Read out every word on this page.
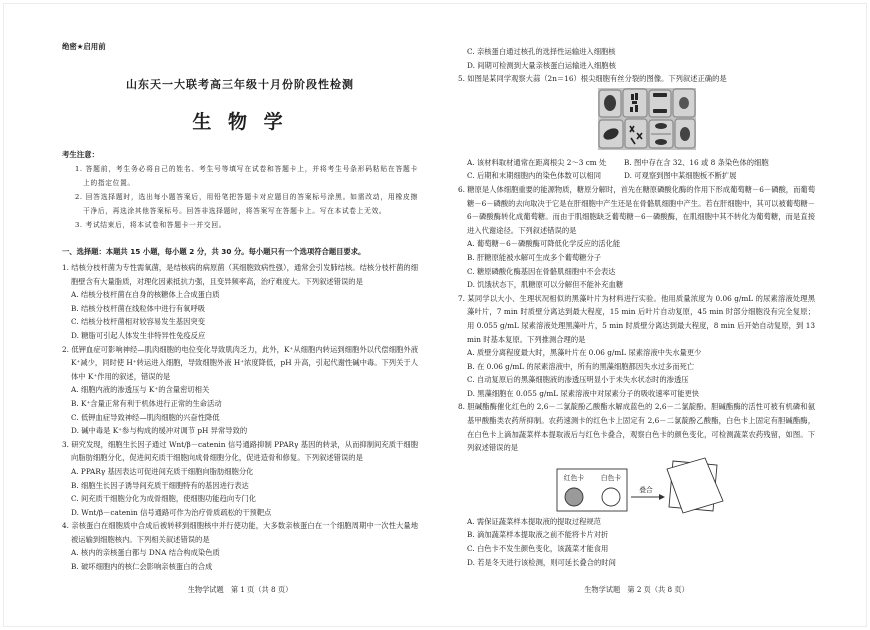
绝密★启用前
山东天一大联考高三年级十月份阶段性检测
生 物 学
考生注意：
1. 答题前，考生务必将自己的姓名、考生号等填写在试卷和答题卡上，并将考生号条形码粘贴在答题卡上的指定位置。
2. 回答选择题时，选出每小题答案后，用铅笔把答题卡对应题目的答案标号涂黑。如需改动，用橡皮擦干净后，再选涂其他答案标号。回答非选择题时，将答案写在答题卡上。写在本试卷上无效。
3. 考试结束后，将本试卷和答题卡一并交回。
一、选择题：本题共 15 小题，每小题 2 分，共 30 分。每小题只有一个选项符合题目要求。
1. 结核分枝杆菌为专性需氧菌，是结核病的病原菌（其细胞致病性强），通常会引发肺结核。结核分枝杆菌的细胞壁含有大量脂质，对理化因素抵抗力强，且变异频率高，治疗难度大。下列叙述错误的是
A. 结核分枝杆菌在自身的核糖体上合成蛋白质
B. 结核分枝杆菌在线粒体中进行有氧呼吸
C. 结核分枝杆菌相对较容易发生基因突变
D. 糖脂可引起人体发生非特异性免疫反应
2. 低钾血症可影响神经—肌肉细胞的电位变化导致肌肉乏力，此外，K⁺从细胞内转运到细胞外以代偿细胞外液 K⁺减少，同时使 H⁺转运进入细胞，导致细胞外液 H⁺浓度降低，pH 升高，引起代谢性碱中毒。下列关于人体中 K⁺作用的叙述，错误的是
A. 细胞内液的渗透压与 K⁺的含量密切相关
B. K⁺含量正常有利于机体进行正常的生命活动
C. 低钾血症导致神经—肌肉细胞的兴奋性降低
D. 碱中毒是 K⁺参与构成的缓冲对调节 pH 异常导致的
3. 研究发现，细胞生长因子通过 Wnt/β－catenin 信号通路抑制 PPARγ 基因的转录，从而抑制间充质干细胞向脂肪细胞分化，促进间充质干细胞向成骨细胞分化，促进造骨和修复。下列叙述错误的是
A. PPARγ 基因表达可促进间充质干细胞向脂肪细胞分化
B. 细胞生长因子诱导间充质干细胞特有的基因进行表达
C. 间充质干细胞分化为成骨细胞，使细胞功能趋向专门化
D. Wnt/β－catenin 信号通路可作为治疗骨质疏松的干预靶点
4. 亲核蛋白在细胞质中合成后被转移到细胞核中并行使功能，大多数亲核蛋白在一个细胞周期中一次性大量地被运输到细胞核内。下列相关叙述错误的是
A. 核内的亲核蛋白都与 DNA 结合构成染色质
B. 破坏细胞内的核仁会影响亲核蛋白的合成
生物学试题　第 1 页（共 8 页）
C. 亲核蛋白通过核孔的选择性运输进入细胞核
D. 间期可检测到大量亲核蛋白运输进入细胞核
5. 如图是某同学观察大蒜（2n＝16）根尖细胞有丝分裂的图像。下列叙述正确的是
A. 该材料取材通常在距离根尖 2～3 cm 处	B. 图中存在含 32、16 或 8 条染色体的细胞
C. 后期和末期细胞内的染色体数可以相同	D. 可观察到图中某细胞板不断扩展
6. 糖原是人体细胞重要的能源物质，糖原分解时，首先在糖原磷酸化酶的作用下形成葡萄糖－6－磷酸，而葡萄糖－6－磷酸的去向取决于它是在肝细胞中产生还是在骨骼肌细胞中产生。若在肝细胞中，其可以被葡萄糖－6－磷酸酶转化成葡萄糖。而由于肌细胞缺乏葡萄糖－6－磷酸酶，在肌细胞中其不转化为葡萄糖，而是直接进入代谢途径。下列叙述错误的是
A. 葡萄糖－6－磷酸酶可降低化学反应的活化能
B. 肝糖原能被水解可生成多个葡萄糖分子
C. 糖原磷酸化酶基因在骨骼肌细胞中不会表达
D. 饥饿状态下，肌糖原可以分解但不能补充血糖
7. 某同学以大小、生理状况相似的黑藻叶片为材料进行实验。他用质量浓度为 0.06 g/mL 的尿素溶液处理黑藻叶片，7 min 时质壁分离达到最大程度，15 min 后叶片自动复原，45 min 时部分细胞没有完全复原；用 0.055 g/mL 尿素溶液处理黑藻叶片，5 min 时质壁分离达到最大程度，8 min 后开始自动复原，到 13 min 时基本复原。下列推测合理的是
A. 质壁分离程度最大时，黑藻叶片在 0.06 g/mL 尿素溶液中失水量更少
B. 在 0.06 g/mL 的尿素溶液中，所有的黑藻细胞都因失水过多而死亡
C. 自动复原后的黑藻细胞液的渗透压明显小于未失水状态时的渗透压
D. 黑藻细胞在 0.055 g/mL 尿素溶液中对尿素分子的吸收速率可能更快
8. 胆碱酯酶催化红色的 2,6－二氯靛酚乙酸酯水解成蓝色的 2,6－二氯靛酚。胆碱酯酶的活性可被有机磷和氨基甲酸酯类农药所抑制。农药速测卡的红色卡上固定有 2,6－二氯靛酚乙酸酯，白色卡上固定有胆碱酯酶，在白色卡上滴加蔬菜样本提取液后与红色卡叠合，观察白色卡的颜色变化，可检测蔬菜农药残留，如图。下列叙述错误的是
红色卡 白色卡
叠合
A. 需保证蔬菜样本提取液的提取过程规范
B. 滴加蔬菜样本提取液之前不能将卡片对折
C. 白色卡不发生颜色变化，该蔬菜才能食用
D. 若是冬天进行该检测，则可延长叠合的时间
生物学试题　第 2 页（共 8 页）
